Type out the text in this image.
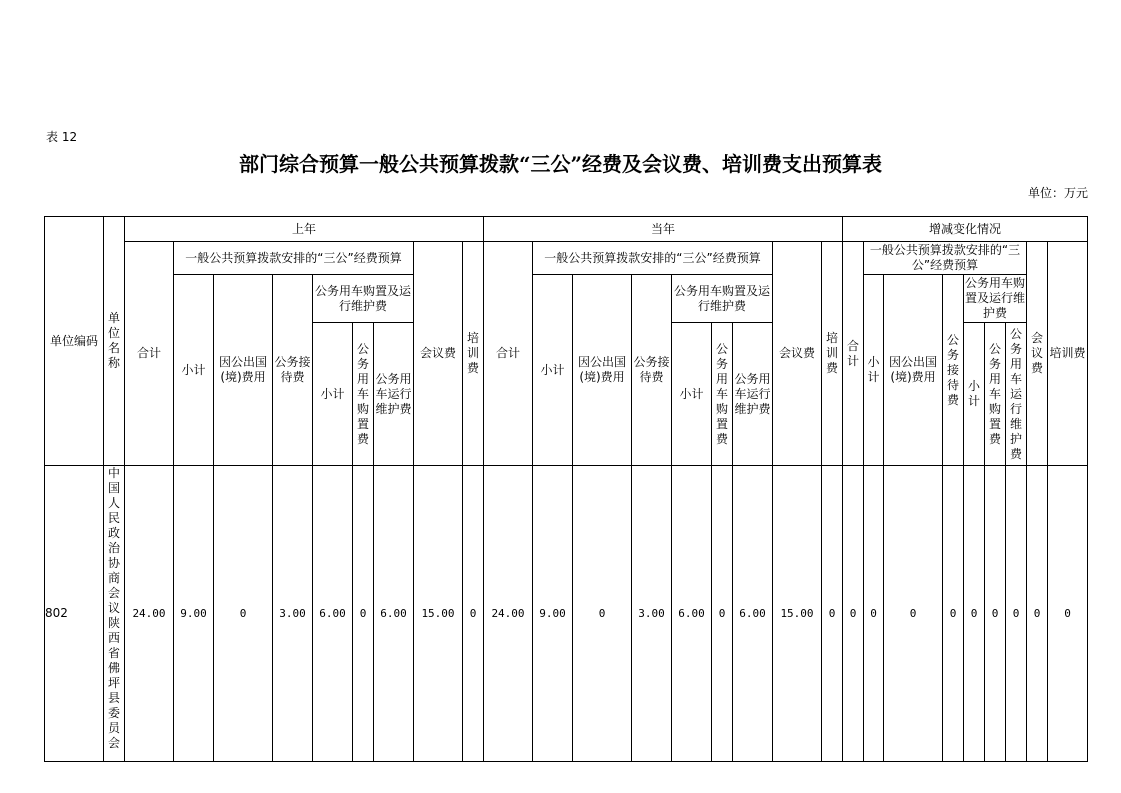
表 12
部门综合预算一般公共预算拨款“三公”经费及会议费、培训费支出预算表
单位：万元
单位编码	单位名称	上年									当年									增减变化情况								
		合计	一般公共预算拨款安排的“三公”经费预算						会议费	培训费	合计	一般公共预算拨款安排的“三公”经费预算						会议费	培训费	合计	一般公共预算拨款安排的“三公”经费预算						会议费	培训费
			小计	因公出国(境)费用	公务接待费	公务用车购置及运行维护费						小计	因公出国(境)费用	公务接待费	公务用车购置及运行维护费						小计	因公出国(境)费用	公务接待费	公务用车购置及运行维护费				
						小计	公务用车购置费	公务用车运行维护费							小计	公务用车购置费	公务用车运行维护费							小计	公务用车购置费	公务用车运行维护费		

802	中国人民政治协商会议陕西省佛坪县委员会	24.00	9.00	0	3.00	6.00	0	6.00	15.00	0	24.00	9.00	0	3.00	6.00	0	6.00	15.00	0	0	0	0	0	0	0	0	0	0
